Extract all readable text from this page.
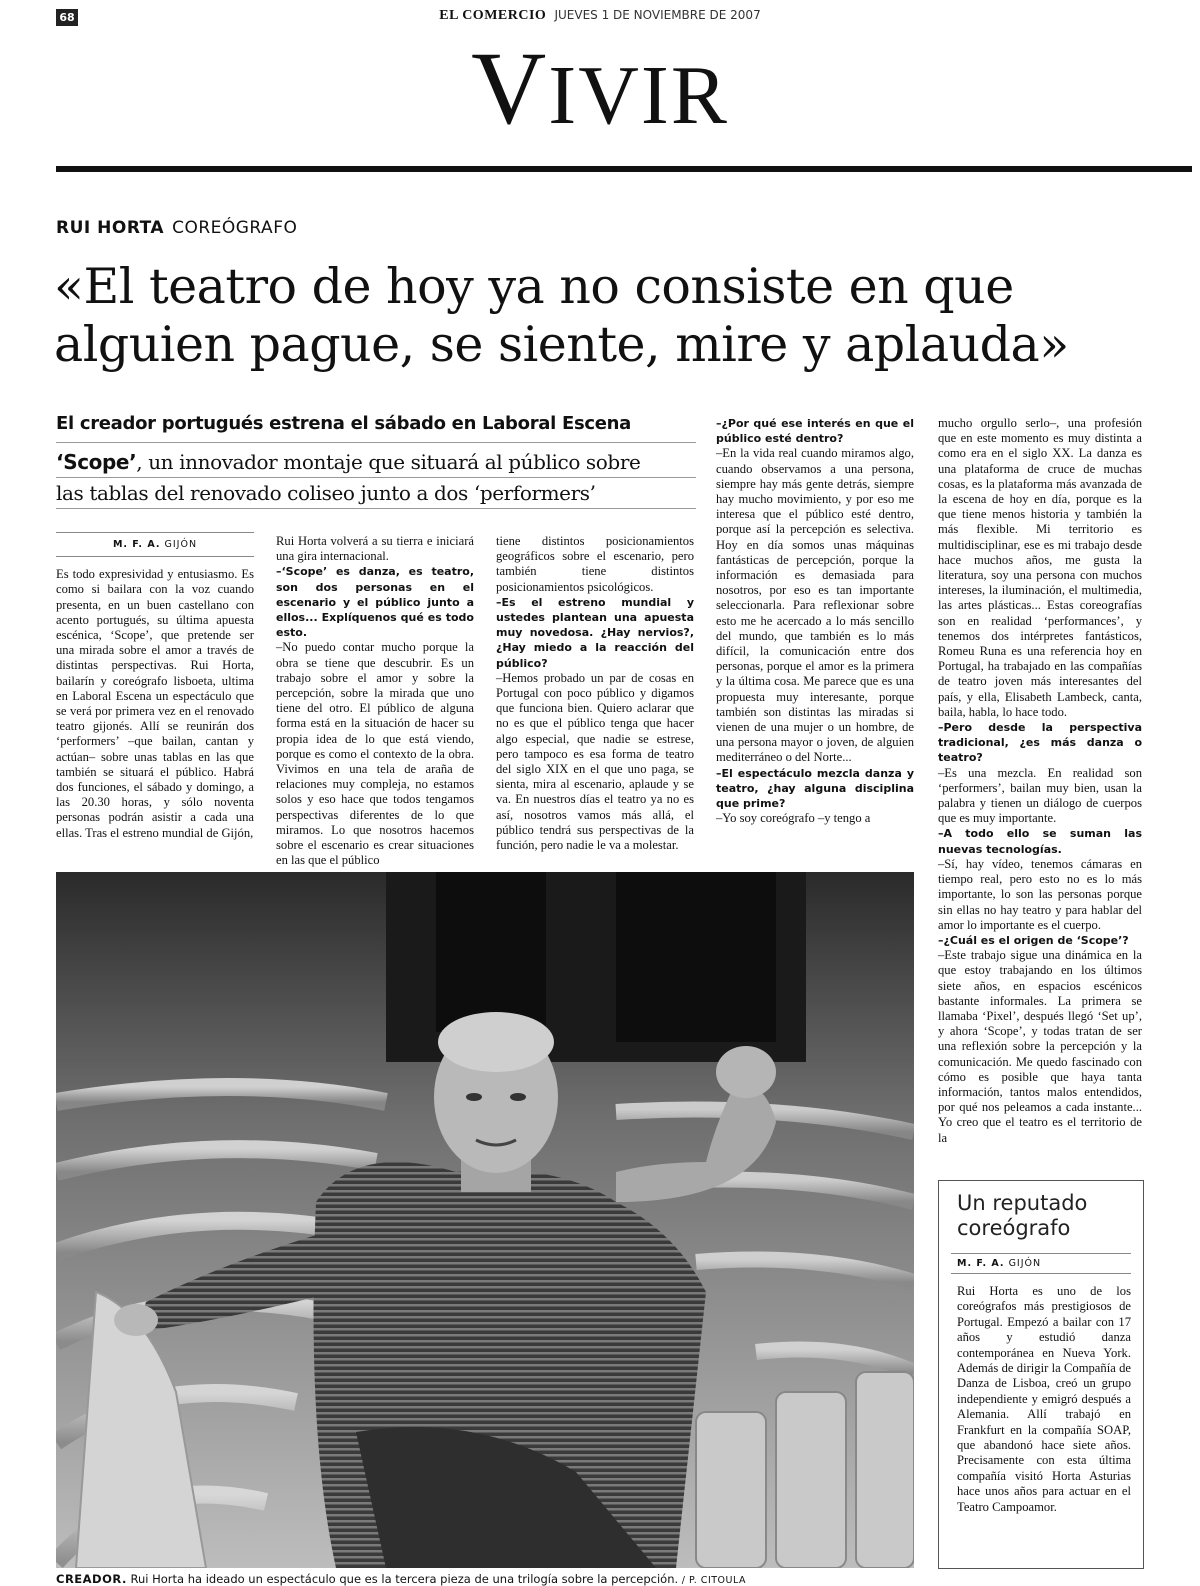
68	EL COMERCIO JUEVES 1 DE NOVIEMBRE DE 2007
VIVIR
RUI HORTA COREÓGRAFO
«El teatro de hoy ya no consiste en que
alguien pague, se siente, mire y aplauda»
El creador portugués estrena el sábado en Laboral Escena
‘Scope’, un innovador montaje que situará al público sobre
las tablas del renovado coliseo junto a dos ‘performers’
M. F. A. GIJÓN

Es todo expresividad y entusiasmo. Es como si bailara con la voz cuando presenta, en un buen castellano con acento portugués, su última apuesta escénica, ‘Scope’, que pretende ser una mirada sobre el amor a través de distintas perspectivas. Rui Horta, bailarín y coreógrafo lisboeta, ultima en Laboral Escena un espectáculo que se verá por primera vez en el renovado teatro gijonés. Allí se reunirán dos ‘performers’ –que bailan, cantan y actúan– sobre unas tablas en las que también se situará el público. Habrá dos funciones, el sábado y domingo, a las 20.30 horas, y sólo noventa personas podrán asistir a cada una ellas. Tras el estreno mundial de Gijón,

Rui Horta volverá a su tierra e iniciará una gira internacional.

–‘Scope’ es danza, es teatro, son dos personas en el escenario y el público junto a ellos... Explíquenos qué es todo esto.

–No puedo contar mucho porque la obra se tiene que descubrir. Es un trabajo sobre el amor y sobre la percepción, sobre la mirada que uno tiene del otro. El público de alguna forma está en la situación de hacer su propia idea de lo que está viendo, porque es como el contexto de la obra. Vivimos en una tela de araña de relaciones muy compleja, no estamos solos y eso hace que todos tengamos perspectivas diferentes de lo que miramos. Lo que nosotros hacemos sobre el escenario es crear situaciones en las que el público

tiene distintos posicionamientos geográficos sobre el escenario, pero también tiene distintos posicionamientos psicológicos.

–Es el estreno mundial y ustedes plantean una apuesta muy novedosa. ¿Hay nervios?, ¿Hay miedo a la reacción del público?

–Hemos probado un par de cosas en Portugal con poco público y digamos que funciona bien. Quiero aclarar que no es que el público tenga que hacer algo especial, que nadie se estrese, pero tampoco es esa forma de teatro del siglo XIX en el que uno paga, se sienta, mira al escenario, aplaude y se va. En nuestros días el teatro ya no es así, nosotros vamos más allá, el público tendrá sus perspectivas de la función, pero nadie le va a molestar.

–¿Por qué ese interés en que el público esté dentro?

–En la vida real cuando miramos algo, cuando observamos a una persona, siempre hay más gente detrás, siempre hay mucho movimiento, y por eso me interesa que el público esté dentro, porque así la percepción es selectiva. Hoy en día somos unas máquinas fantásticas de percepción, porque la información es demasiada para nosotros, por eso es tan importante seleccionarla. Para reflexionar sobre esto me he acercado a lo más sencillo del mundo, que también es lo más difícil, la comunicación entre dos personas, porque el amor es la primera y la última cosa. Me parece que es una propuesta muy interesante, porque también son distintas las miradas si vienen de una mujer o un hombre, de una persona mayor o joven, de alguien mediterráneo o del Norte...

–El espectáculo mezcla danza y teatro, ¿hay alguna disciplina que prime?

–Yo soy coreógrafo –y tengo a

mucho orgullo serlo–, una profesión que en este momento es muy distinta a como era en el siglo XX. La danza es una plataforma de cruce de muchas cosas, es la plataforma más avanzada de la escena de hoy en día, porque es la que tiene menos historia y también la más flexible. Mi territorio es multidisciplinar, ese es mi trabajo desde hace muchos años, me gusta la literatura, soy una persona con muchos intereses, la iluminación, el multimedia, las artes plásticas... Estas coreografías son en realidad ‘performances’, y tenemos dos intérpretes fantásticos, Romeu Runa es una referencia hoy en Portugal, ha trabajado en las compañías de teatro joven más interesantes del país, y ella, Elisabeth Lambeck, canta, baila, habla, lo hace todo.

–Pero desde la perspectiva tradicional, ¿es más danza o teatro?

–Es una mezcla. En realidad son ‘performers’, bailan muy bien, usan la palabra y tienen un diálogo de cuerpos que es muy importante.

–A todo ello se suman las nuevas tecnologías.

–Sí, hay vídeo, tenemos cámaras en tiempo real, pero esto no es lo más importante, lo son las personas porque sin ellas no hay teatro y para hablar del amor lo importante es el cuerpo.

–¿Cuál es el origen de ‘Scope’?

–Este trabajo sigue una dinámica en la que estoy trabajando en los últimos siete años, en espacios escénicos bastante informales. La primera se llamaba ‘Pixel’, después llegó ‘Set up’, y ahora ‘Scope’, y todas tratan de ser una reflexión sobre la percepción y la comunicación. Me quedo fascinado con cómo es posible que haya tanta información, tantos malos entendidos, por qué nos peleamos a cada instante... Yo creo que el teatro es el territorio de la

CREADOR. Rui Horta ha ideado un espectáculo que es la tercera pieza de una trilogía sobre la percepción. / P. CITOULA
Un reputado
coreógrafo
M. F. A. GIJÓN
Rui Horta es uno de los coreógrafos más prestigiosos de Portugal. Empezó a bailar con 17 años y estudió danza contemporánea en Nueva York. Además de dirigir la Compañía de Danza de Lisboa, creó un grupo independiente y emigró después a Alemania. Allí trabajó en Frankfurt en la compañía SOAP, que abandonó hace siete años. Precisamente con esta última compañía visitó Horta Asturias hace unos años para actuar en el Teatro Campoamor.
